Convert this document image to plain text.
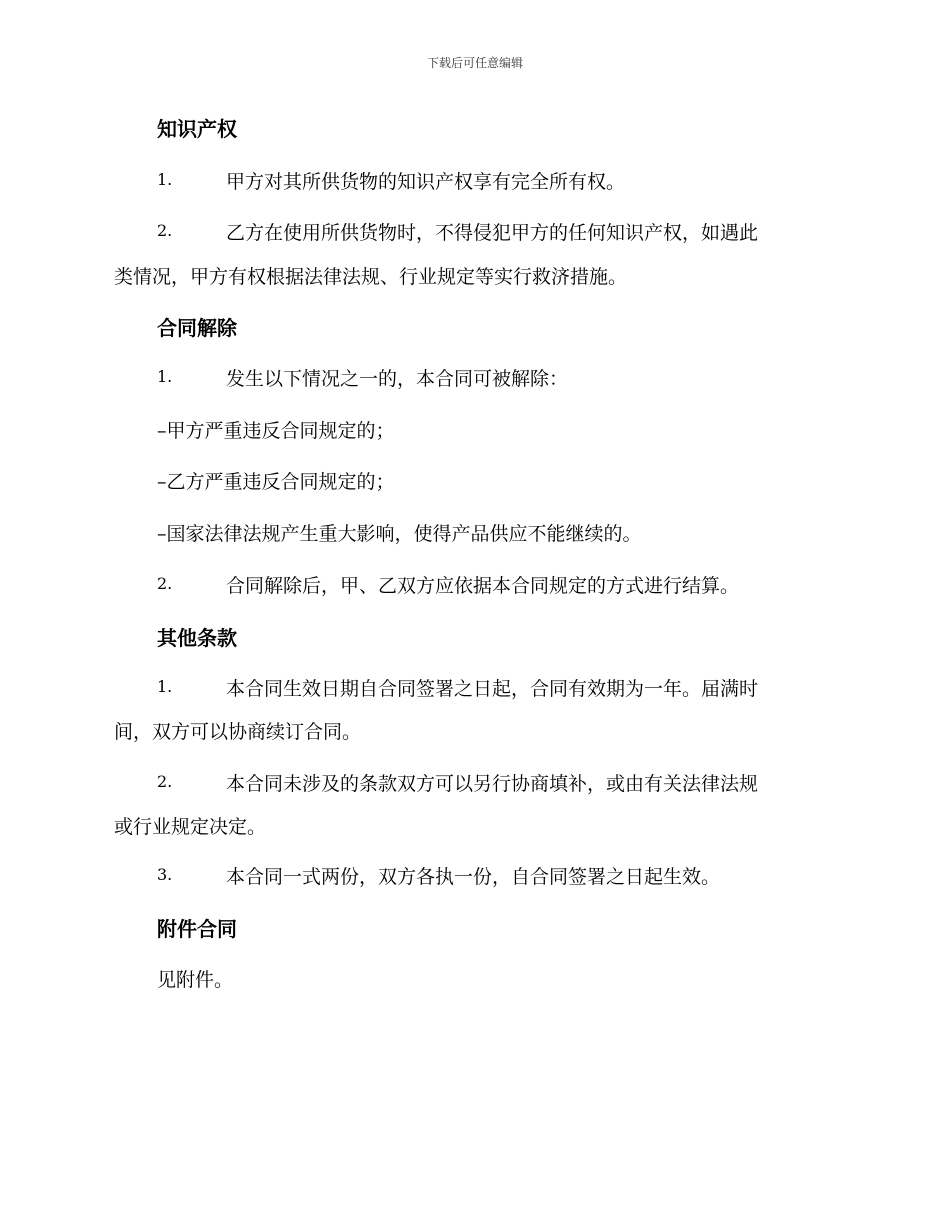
下载后可任意编辑
知识产权
1.	甲方对其所供货物的知识产权享有完全所有权。
2.	乙方在使用所供货物时，不得侵犯甲方的任何知识产权，如遇此
类情况，甲方有权根据法律法规、行业规定等实行救济措施。
合同解除
1.	发生以下情况之一的，本合同可被解除：
–甲方严重违反合同规定的；
–乙方严重违反合同规定的；
–国家法律法规产生重大影响，使得产品供应不能继续的。
2.	合同解除后，甲、乙双方应依据本合同规定的方式进行结算。
其他条款
1.	本合同生效日期自合同签署之日起，合同有效期为一年。届满时
间，双方可以协商续订合同。
2.	本合同未涉及的条款双方可以另行协商填补，或由有关法律法规
或行业规定决定。
3.	本合同一式两份，双方各执一份，自合同签署之日起生效。
附件合同
见附件。
